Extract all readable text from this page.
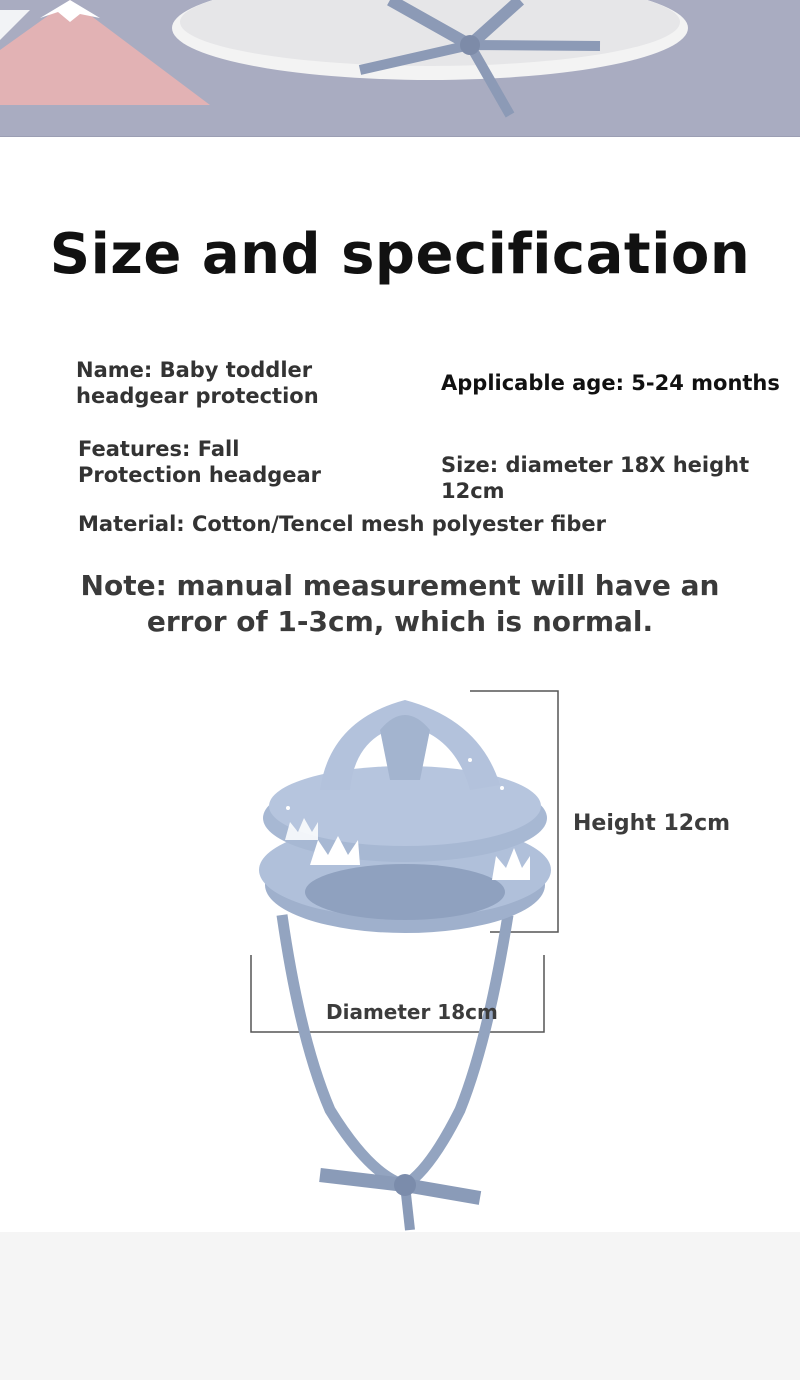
Size and specification
Name: Baby toddler
headgear protection
Applicable age: 5-24 months
Features: Fall
Protection headgear	Size: diameter 18X height 12cm
Material: Cotton/Tencel mesh polyester fiber
Note: manual measurement will have an
error of 1-3cm, which is normal.
Height 12cm
Diameter 18cm
